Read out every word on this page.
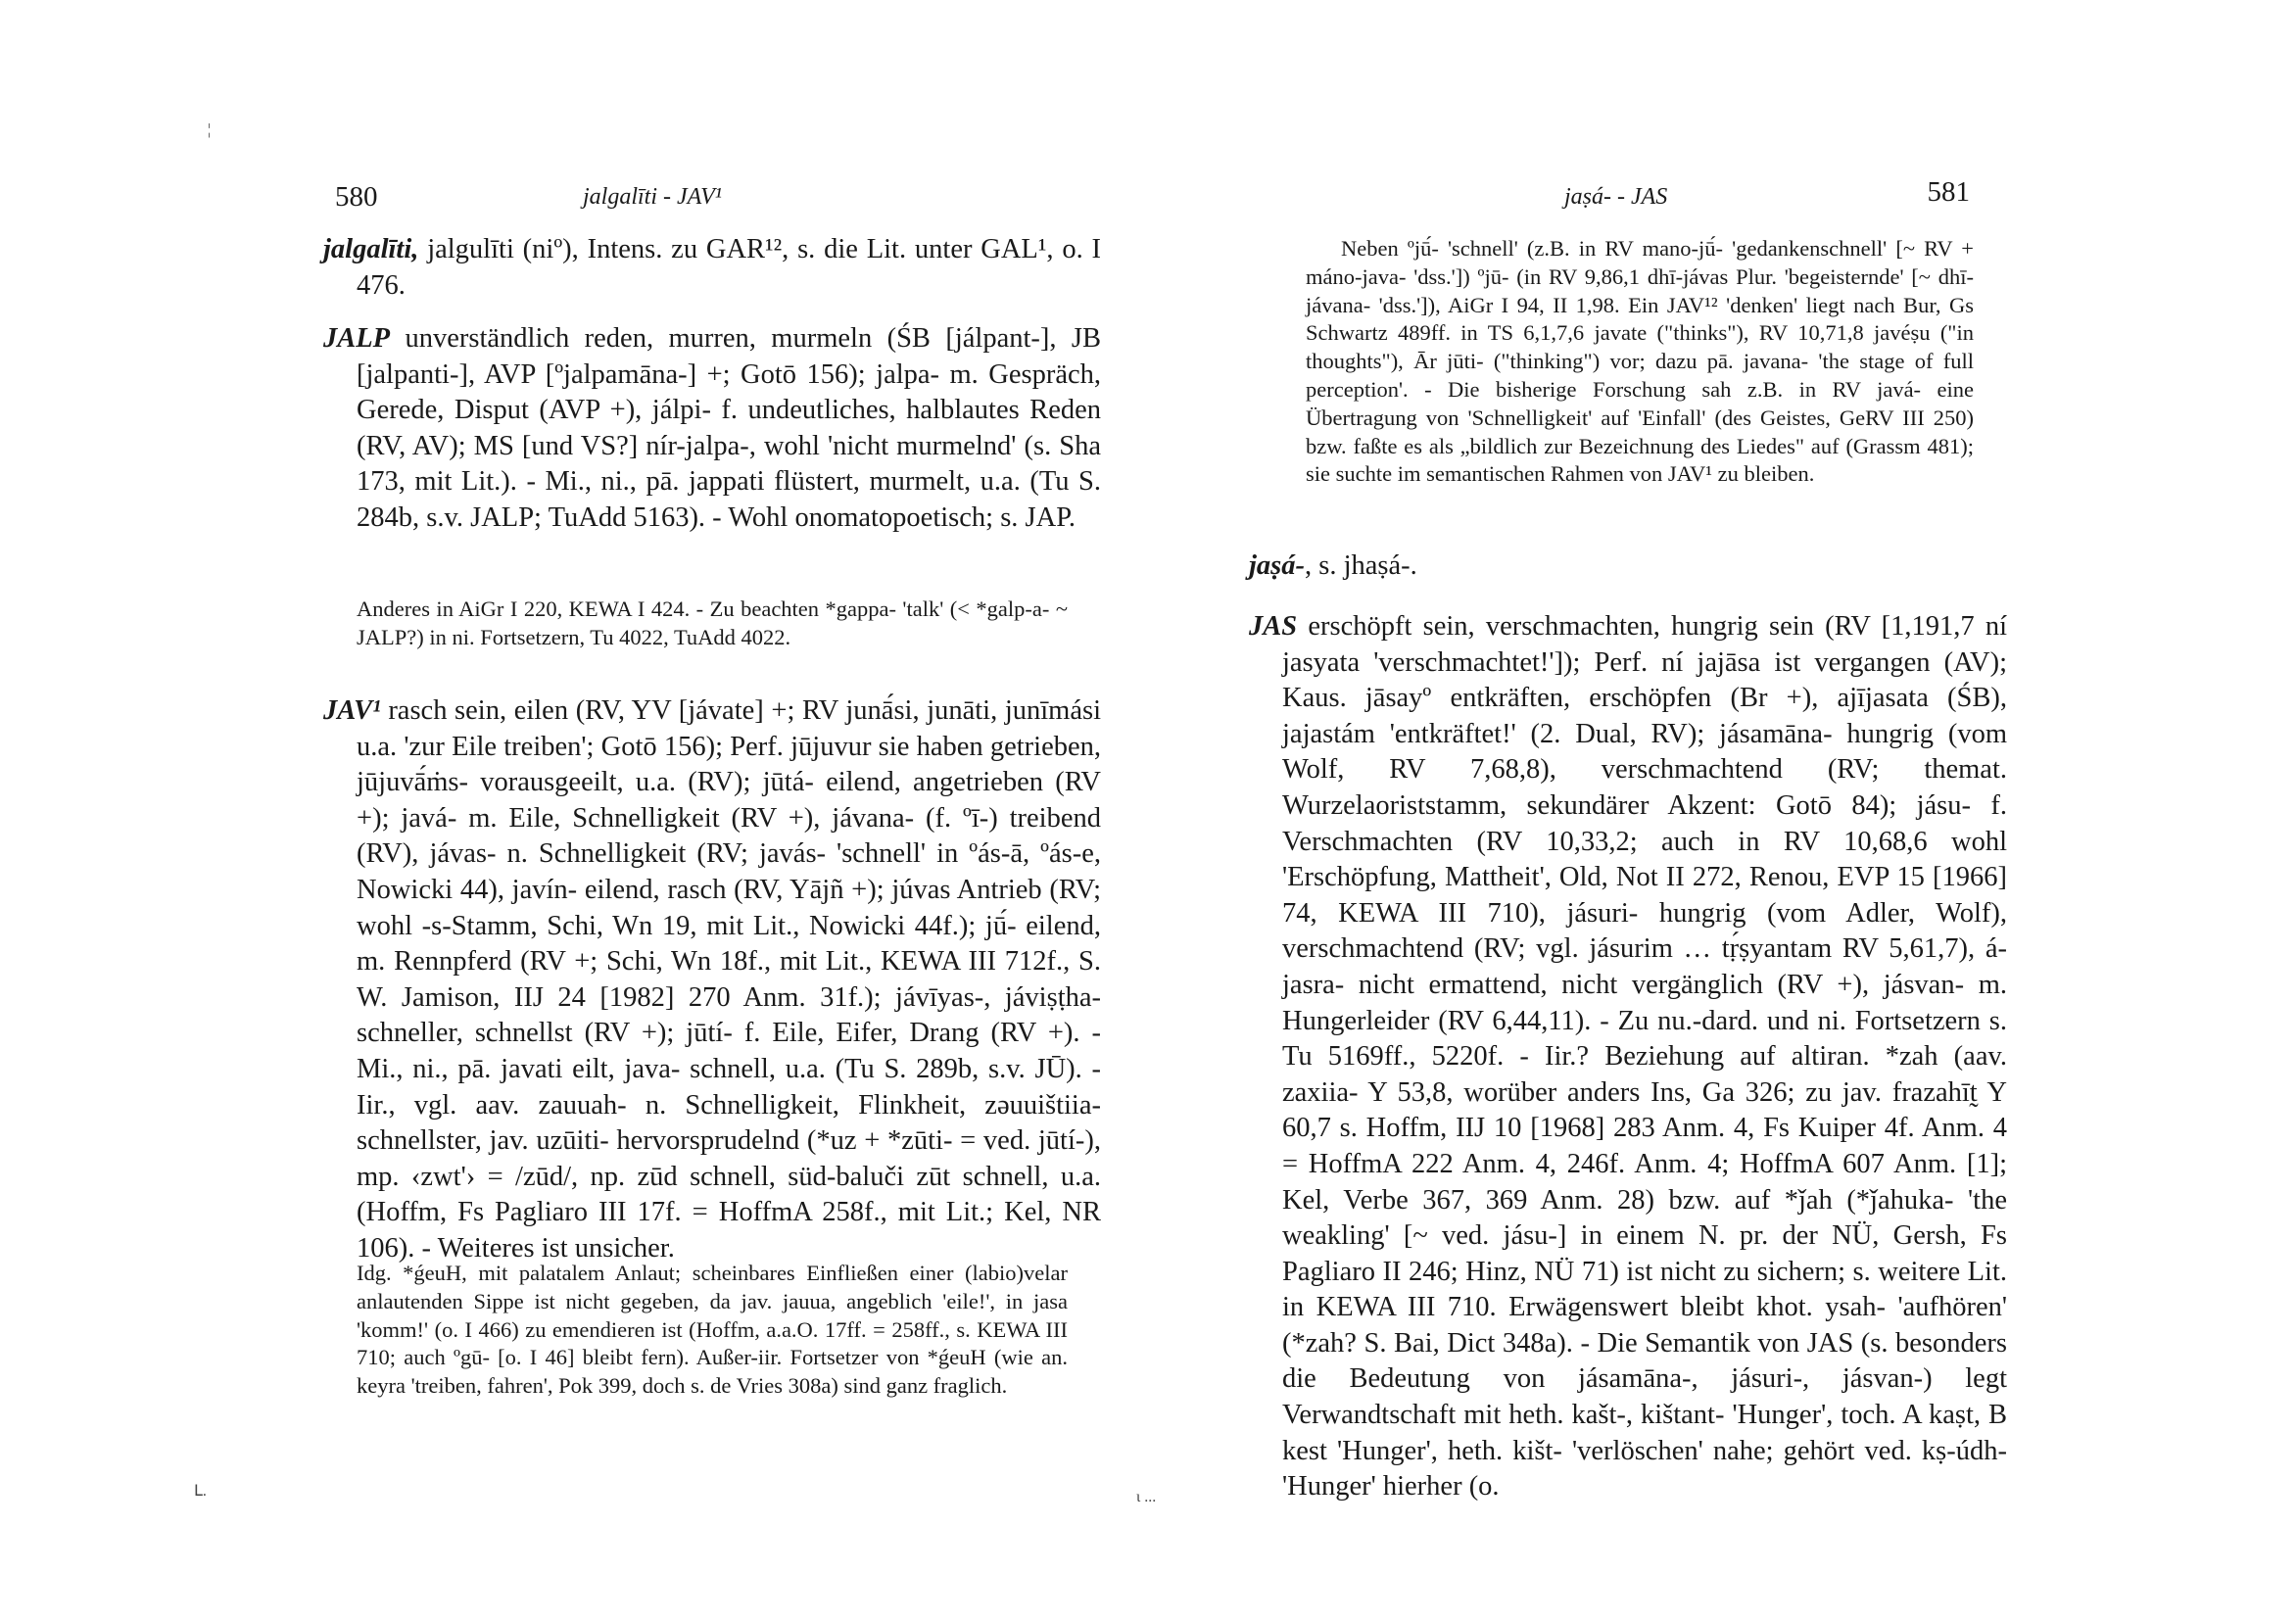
580	jalgalīti - JAV¹

jalgalīti, jalgulīti (niº), Intens. zu GAR¹², s. die Lit. unter GAL¹, o. I 476.

JALP unverständlich reden, murren, murmeln (ŚB [jálpant-], JB [jalpanti-], AVP [ºjalpamāna-] +; Gotō 156); jalpa- m. Gespräch, Gerede, Disput (AVP +), jálpi- f. undeutliches, halblautes Reden (RV, AV); MS [und VS?] nír-jalpa-, wohl 'nicht murmelnd' (s. Sha 173, mit Lit.). - Mi., ni., pā. jappati flüstert, murmelt, u.a. (Tu S. 284b, s.v. JALP; TuAdd 5163). - Wohl onomatopoetisch; s. JAP.

Anderes in AiGr I 220, KEWA I 424. - Zu beachten *gappa- 'talk' (< *galp-a- ~ JALP?) in ni. Fortsetzern, Tu 4022, TuAdd 4022.

JAV¹ rasch sein, eilen (RV, YV [jávate] +; RV junā́si, junāti, junīmási u.a. 'zur Eile treiben'; Gotō 156); Perf. jūjuvur sie haben getrieben, jūjuvā́ṁs- vorausgeeilt, u.a. (RV); jūtá- eilend, angetrieben (RV +); javá- m. Eile, Schnelligkeit (RV +), jávana- (f. ºī-) treibend (RV), jávas- n. Schnelligkeit (RV; javás- 'schnell' in ºás-ā, ºás-e, Nowicki 44), javín- eilend, rasch (RV, Yājñ +); júvas Antrieb (RV; wohl -s-Stamm, Schi, Wn 19, mit Lit., Nowicki 44f.); jū́- eilend, m. Rennpferd (RV +; Schi, Wn 18f., mit Lit., KEWA III 712f., S. W. Jamison, IIJ 24 [1982] 270 Anm. 31f.); jávīyas-, jáviṣṭha- schneller, schnellst (RV +); jūtí- f. Eile, Eifer, Drang (RV +). - Mi., ni., pā. javati eilt, java- schnell, u.a. (Tu S. 289b, s.v. JŪ). - Iir., vgl. aav. zauuah- n. Schnelligkeit, Flinkheit, zəuuištiia- schnellster, jav. uzūiti- hervorsprudelnd (*uz + *zūti- = ved. jūtí-), mp. ‹zwt'› = /zūd/, np. zūd schnell, süd-baluči zūt schnell, u.a. (Hoffm, Fs Pagliaro III 17f. = HoffmA 258f., mit Lit.; Kel, NR 106). - Weiteres ist unsicher.

Idg. *ǵeuH, mit palatalem Anlaut; scheinbares Einfließen einer (labio)velar anlautenden Sippe ist nicht gegeben, da jav. jauua, angeblich 'eile!', in jasa 'komm!' (o. I 466) zu emendieren ist (Hoffm, a.a.O. 17ff. = 258ff., s. KEWA III 710; auch ºgū- [o. I 46] bleibt fern). Außer-iir. Fortsetzer von *ǵeuH (wie an. keyra 'treiben, fahren', Pok 399, doch s. de Vries 308a) sind ganz fraglich.

jaṣá- - JAS	581

Neben ºjū́- 'schnell' (z.B. in RV mano-jū́- 'gedankenschnell' [~ RV + máno-java- 'dss.']) ºjū- (in RV 9,86,1 dhī-jávas Plur. 'begeisternde' [~ dhī-jávana- 'dss.']), AiGr I 94, II 1,98. Ein JAV¹² 'denken' liegt nach Bur, Gs Schwartz 489ff. in TS 6,1,7,6 javate ("thinks"), RV 10,71,8 javéṣu ("in thoughts"), Ār jūti- ("thinking") vor; dazu pā. javana- 'the stage of full perception'. - Die bisherige Forschung sah z.B. in RV javá- eine Übertragung von 'Schnelligkeit' auf 'Einfall' (des Geistes, GeRV III 250) bzw. faßte es als „bildlich zur Bezeichnung des Liedes" auf (Grassm 481); sie suchte im semantischen Rahmen von JAV¹ zu bleiben.

jaṣá-, s. jhaṣá-.

JAS erschöpft sein, verschmachten, hungrig sein (RV [1,191,7 ní jasyata 'verschmachtet!']); Perf. ní jajāsa ist vergangen (AV); Kaus. jāsayº entkräften, erschöpfen (Br +), ajījasata (ŚB), jajastám 'entkräftet!' (2. Dual, RV); jásamāna- hungrig (vom Wolf, RV 7,68,8), verschmachtend (RV; themat. Wurzelaoriststamm, sekundärer Akzent: Gotō 84); jásu- f. Verschmachten (RV 10,33,2; auch in RV 10,68,6 wohl 'Erschöpfung, Mattheit', Old, Not II 272, Renou, EVP 15 [1966] 74, KEWA III 710), jásuri- hungrig (vom Adler, Wolf), verschmachtend (RV; vgl. jásurim … tṛ́ṣyantam RV 5,61,7), á-jasra- nicht ermattend, nicht vergänglich (RV +), jásvan- m. Hungerleider (RV 6,44,11). - Zu nu.-dard. und ni. Fortsetzern s. Tu 5169ff., 5220f. - Iir.? Beziehung auf altiran. *zah (aav. zaxiia- Y 53,8, worüber anders Ins, Ga 326; zu jav. frazahīt̰ Y 60,7 s. Hoffm, IIJ 10 [1968] 283 Anm. 4, Fs Kuiper 4f. Anm. 4 = HoffmA 222 Anm. 4, 246f. Anm. 4; HoffmA 607 Anm. [1]; Kel, Verbe 367, 369 Anm. 28) bzw. auf *ǰah (*ǰahuka- 'the weakling' [~ ved. jásu-] in einem N. pr. der NÜ, Gersh, Fs Pagliaro II 246; Hinz, NÜ 71) ist nicht zu sichern; s. weitere Lit. in KEWA III 710. Erwägenswert bleibt khot. ysah- 'aufhören' (*zah? S. Bai, Dict 348a). - Die Semantik von JAS (s. besonders die Bedeutung von jásamāna-, jásuri-, jásvan-) legt Verwandtschaft mit heth. kašt-, kištant- 'Hunger', toch. A kaṣt, B kest 'Hunger', heth. kišt- 'verlöschen' nahe; gehört ved. kṣ-údh- 'Hunger' hierher (o.

¦
ᒪ.	ι ...
